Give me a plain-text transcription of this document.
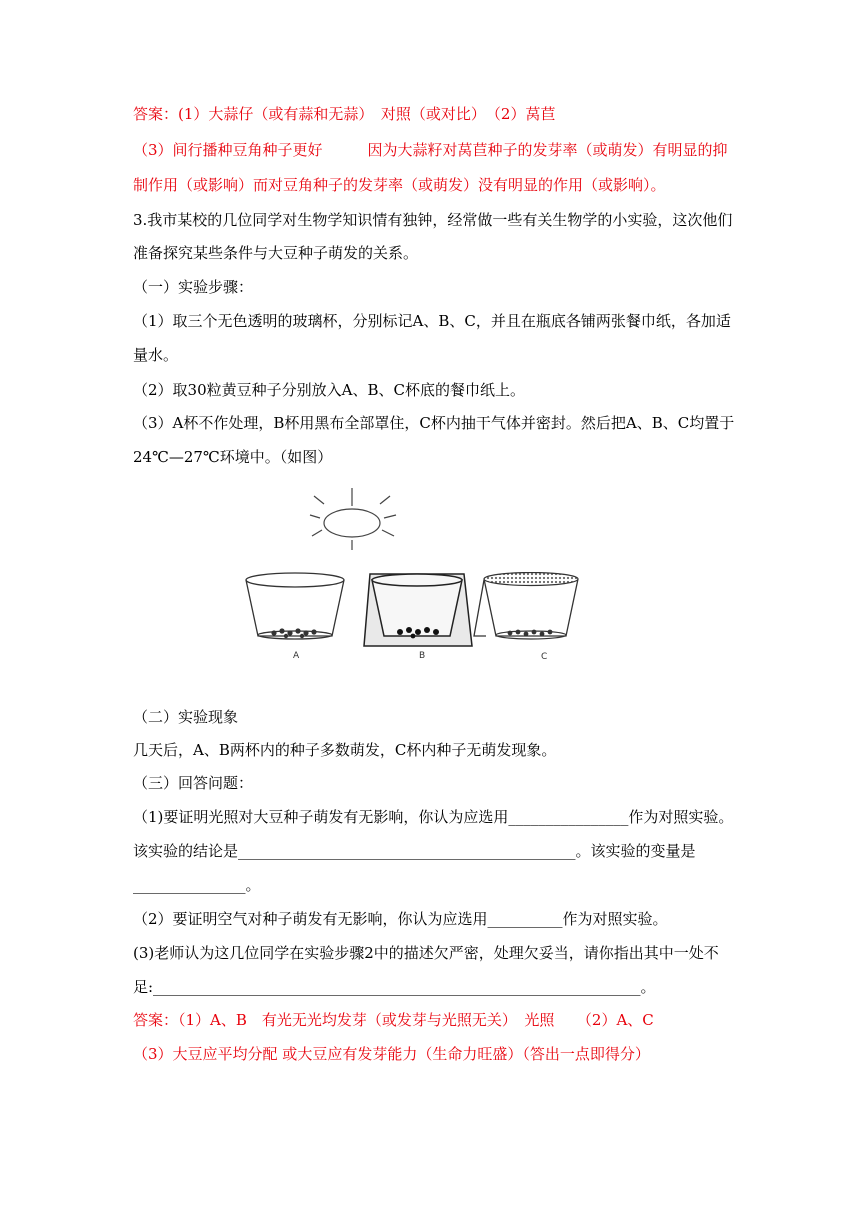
答案：(1）大蒜仔（或有蒜和无蒜）　对照（或对比）　（2）莴苣
（3）间行播种豆角种子更好　　　因为大蒜籽对莴苣种子的发芽率（或萌发）有明显的抑
制作用（或影响）而对豆角种子的发芽率（或萌发）没有明显的作用（或影响）。
3.我市某校的几位同学对生物学知识情有独钟，经常做一些有关生物学的小实验，这次他们
准备探究某些条件与大豆种子萌发的关系。
（一）实验步骤：
（1）取三个无色透明的玻璃杯，分别标记A、B、C，并且在瓶底各铺两张餐巾纸，各加适
量水。
（2）取30粒黄豆种子分别放入A、B、C杯底的餐巾纸上。
（3）A杯不作处理，B杯用黑布全部罩住，C杯内抽干气体并密封。然后把A、B、C均置于
24℃—27℃环境中。（如图）
A	B	C
（二）实验现象
几天后，A、B两杯内的种子多数萌发，C杯内种子无萌发现象。
（三）回答问题：
（1)要证明光照对大豆种子萌发有无影响，你认为应选用________________作为对照实验。
该实验的结论是_____________________________________________。该实验的变量是
_______________。
（2）要证明空气对种子萌发有无影响，你认为应选用__________作为对照实验。
(3)老师认为这几位同学在实验步骤2中的描述欠严密，处理欠妥当，请你指出其中一处不
足:_________________________________________________________________。
答案：（1）A、B　有光无光均发芽（或发芽与光照无关）　光照　　（2）A、C
（3）大豆应平均分配 或大豆应有发芽能力（生命力旺盛）（答出一点即得分）
